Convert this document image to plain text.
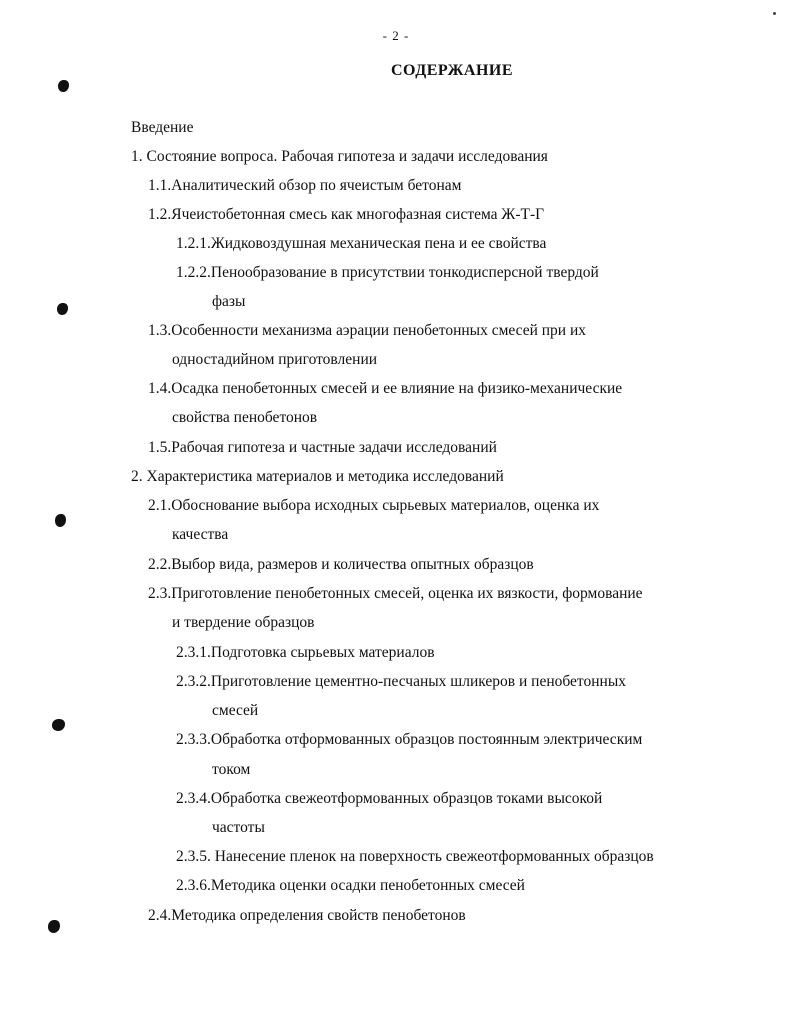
- 2 -
СОДЕРЖАНИЕ
Введение
1. Состояние вопроса. Рабочая гипотеза и задачи исследования
1.1.Аналитический обзор по ячеистым бетонам
1.2.Ячеистобетонная смесь как многофазная система Ж-Т-Г
1.2.1.Жидковоздушная механическая пена и ее свойства
1.2.2.Пенообразование в присутствии тонкодисперсной твердой
фазы
1.3.Особенности механизма аэрации пенобетонных смесей при их
одностадийном приготовлении
1.4.Осадка пенобетонных смесей и ее влияние на физико-механические
свойства пенобетонов
1.5.Рабочая гипотеза и частные задачи исследований
2. Характеристика материалов и методика исследований
2.1.Обоснование выбора исходных сырьевых материалов, оценка их
качества
2.2.Выбор вида, размеров и количества опытных образцов
2.3.Приготовление пенобетонных смесей, оценка их вязкости, формование
и твердение образцов
2.3.1.Подготовка сырьевых материалов
2.3.2.Приготовление цементно-песчаных шликеров и пенобетонных
смесей
2.3.3.Обработка отформованных образцов постоянным электрическим
током
2.3.4.Обработка свежеотформованных образцов токами высокой
частоты
2.3.5. Нанесение пленок на поверхность свежеотформованных образцов
2.3.6.Методика оценки осадки пенобетонных смесей
2.4.Методика определения свойств пенобетонов
